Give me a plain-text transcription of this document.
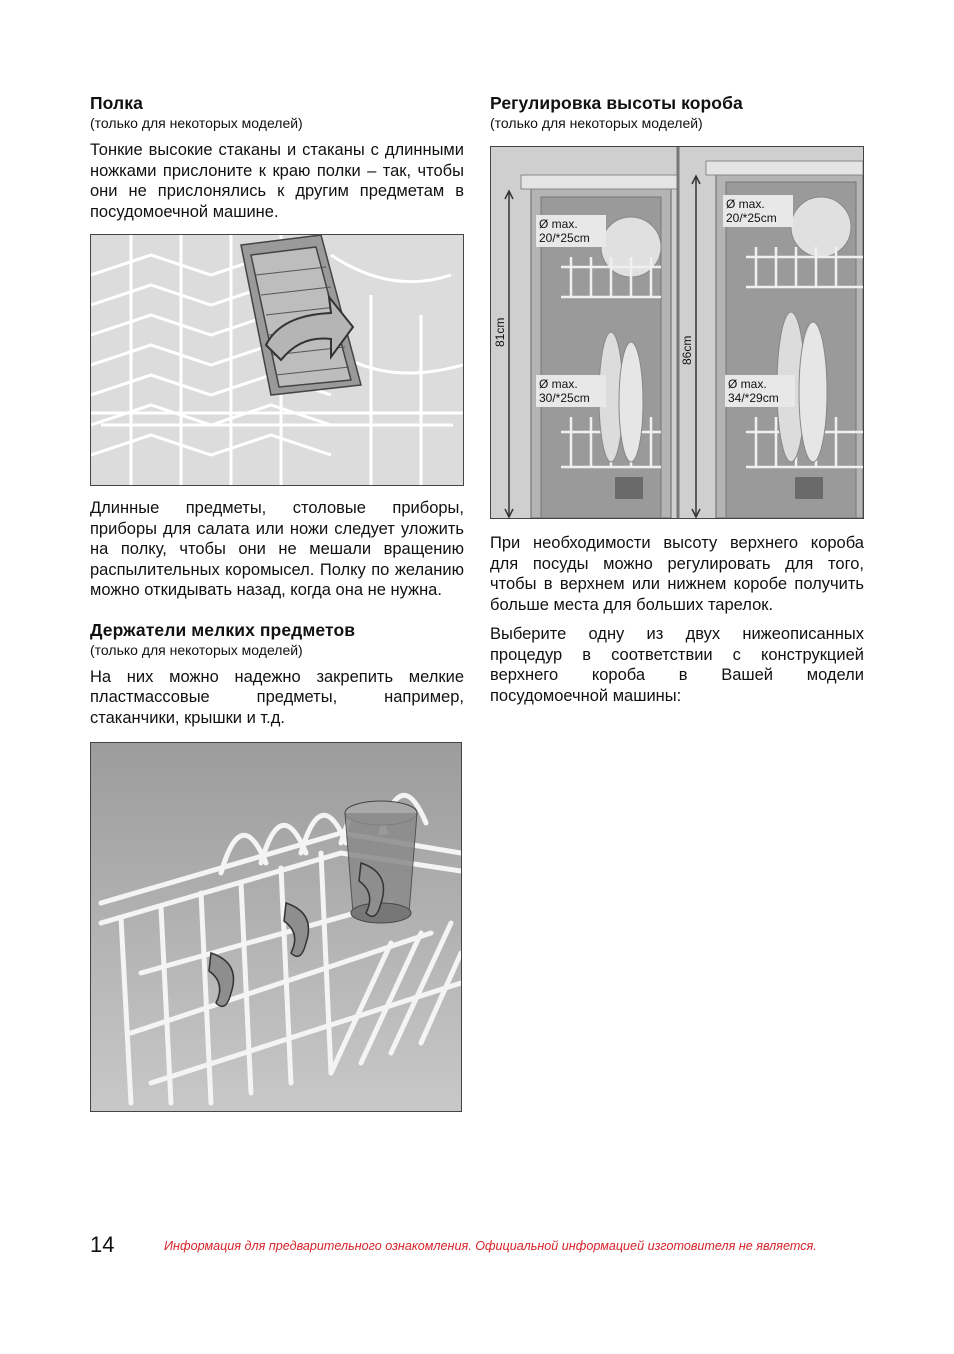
Полка
(только для некоторых моделей)

Тонкие высокие стаканы и стаканы с длинными ножками прислоните к краю полки – так, чтобы они не прислонялись к другим предметам в посудомоечной машине.

Длинные предметы, столовые приборы, приборы для салата или ножи следует уложить на полку, чтобы они не мешали вращению распылительных коромысел. Полку по желанию можно откидывать назад, когда она не нужна.

Держатели мелких предметов
(только для некоторых моделей)

На них можно надежно закрепить мелкие пластмассовые предметы, например, стаканчики, крышки и т.д.

Регулировка высоты короба
(только для некоторых моделей)
81cm
86cm
Ø max.
20/*25cm
Ø max.
30/*25cm
Ø max.
20/*25cm
Ø max.
34/*29cm

При необходимости высоту верхнего короба для посуды можно регулировать для того, чтобы в верхнем или нижнем коробе получить больше места для больших тарелок.

Выберите одну из двух нижеописанных процедур в соответствии с конструкцией верхнего короба в Вашей модели посудомоечной машины:

14	Информация для предварительного ознакомления. Официальной информацией изготовителя не является.
